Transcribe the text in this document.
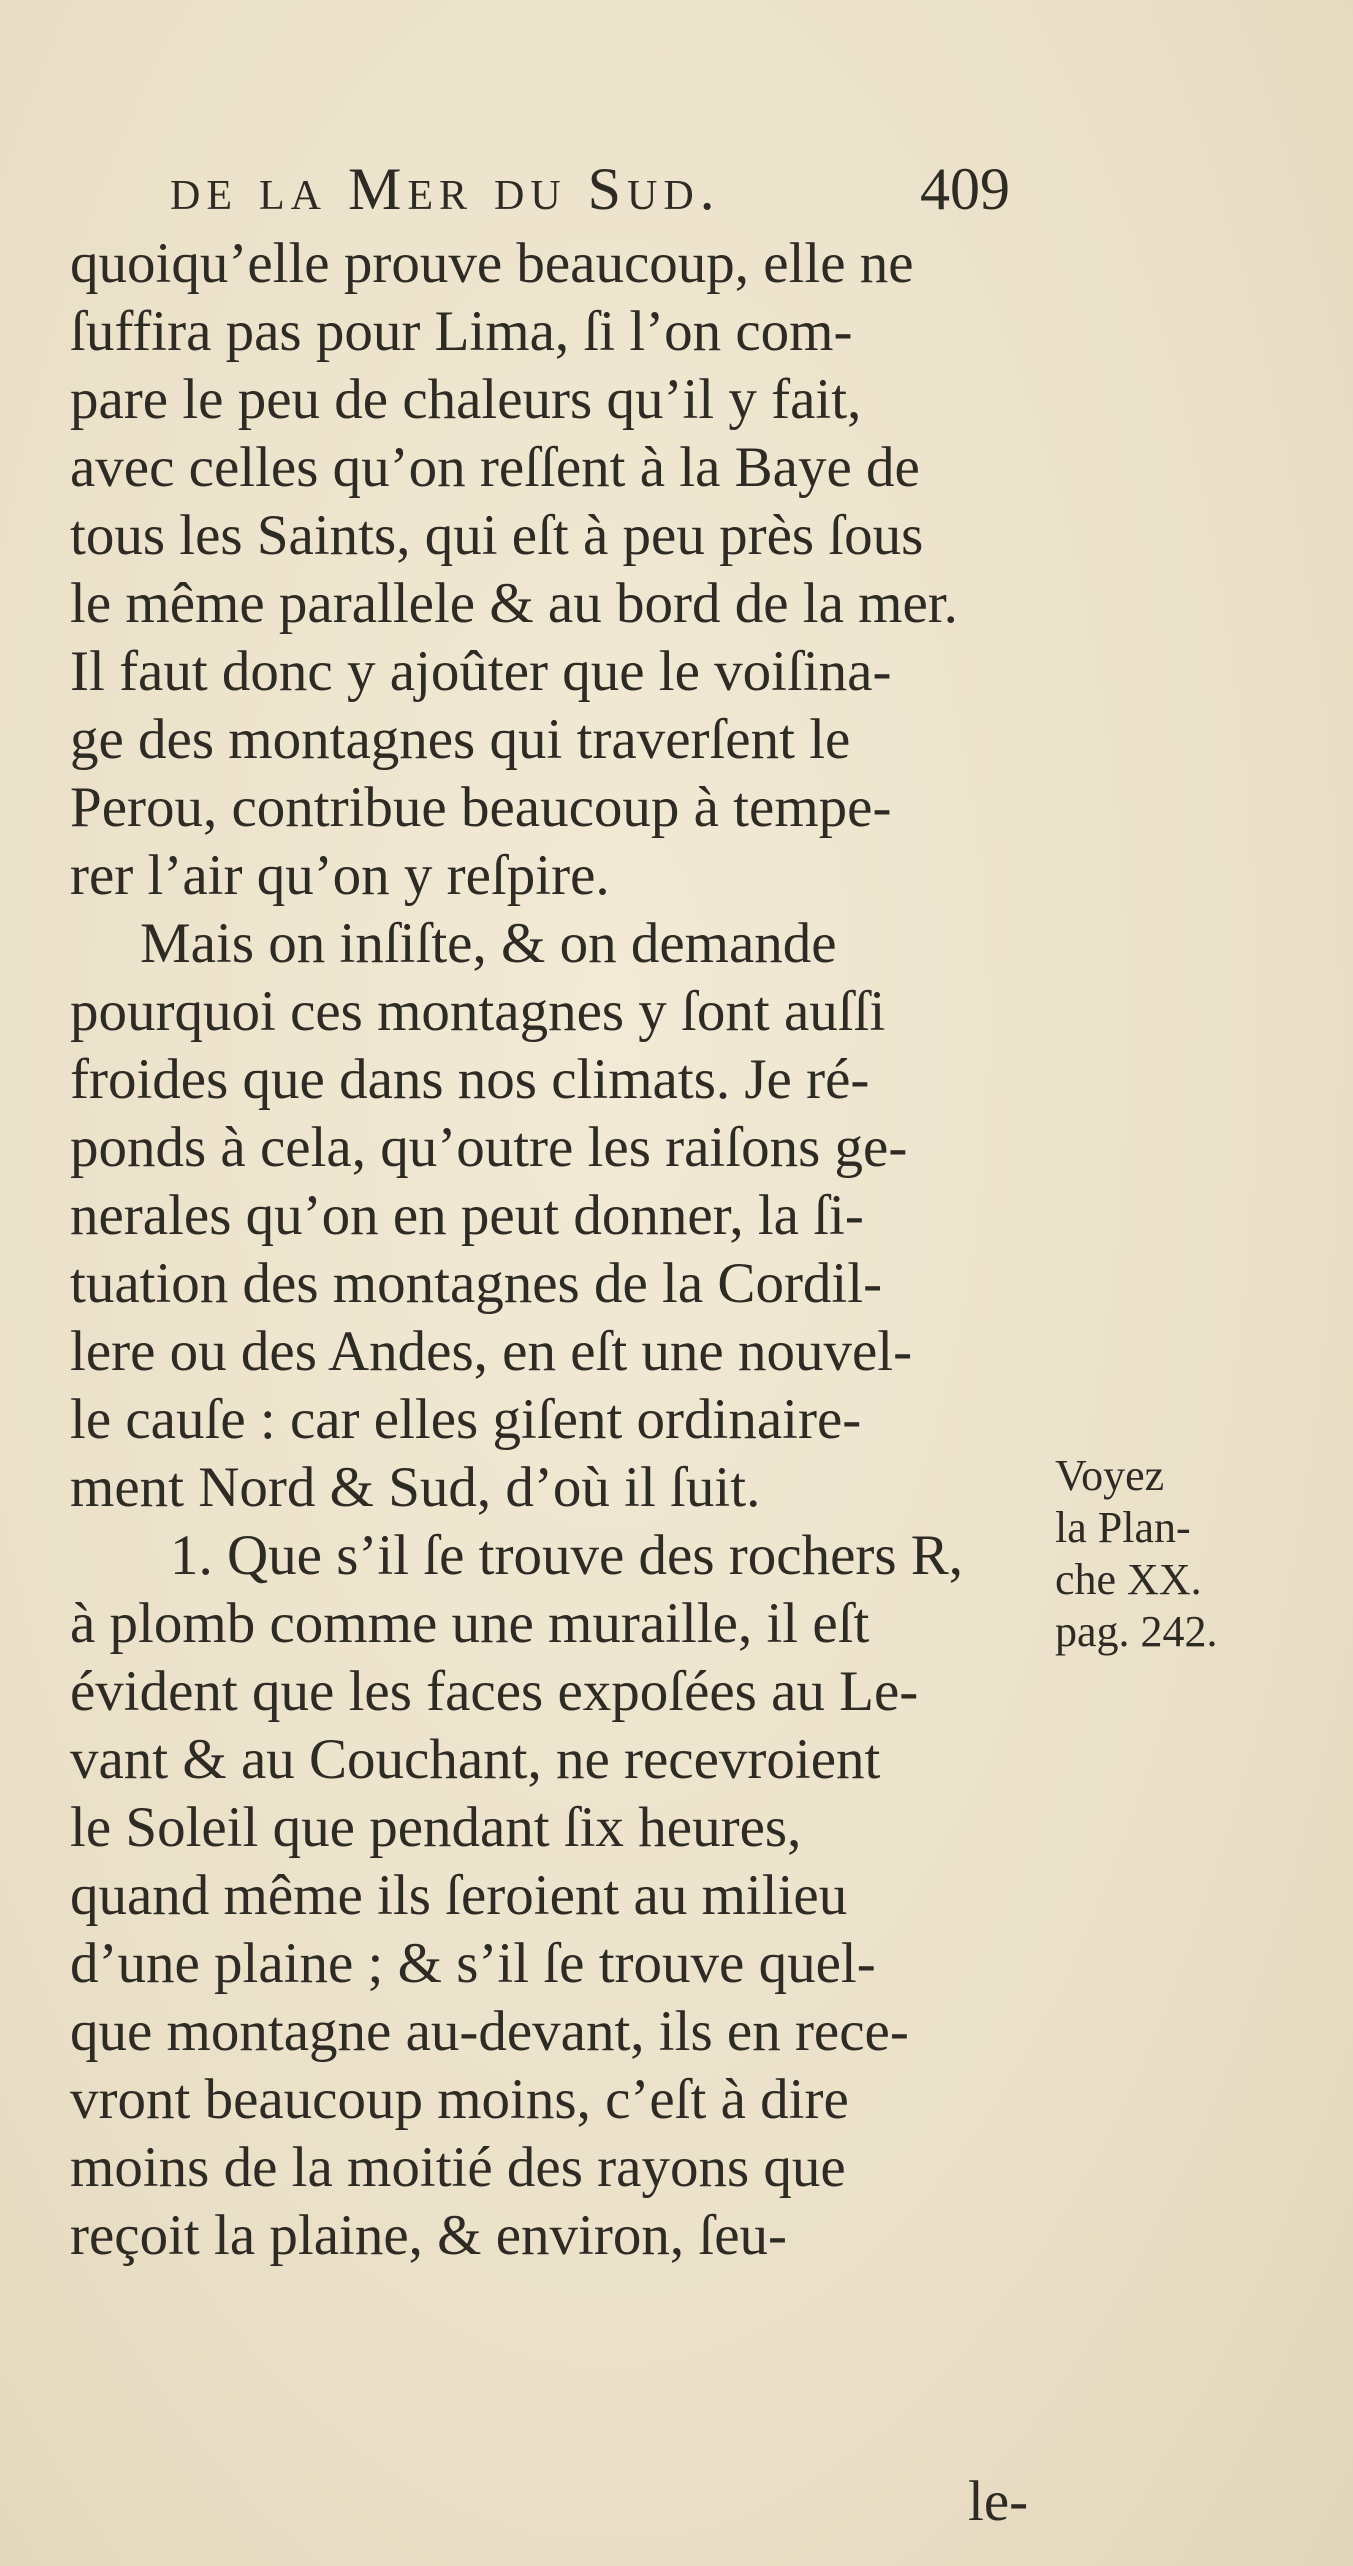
de la Mer du Sud.	409
quoiqu’elle prouve beaucoup, elle ne
ſuffira pas pour Lima, ſi l’on com-
pare le peu de chaleurs qu’il y fait,
avec celles qu’on reſſent à la Baye de
tous les Saints, qui eſt à peu près ſous
le même parallele & au bord de la mer.
Il faut donc y ajoûter que le voiſina-
ge des montagnes qui traverſent le
Perou, contribue beaucoup à tempe-
rer l’air qu’on y reſpire.
Mais on inſiſte, & on demande
pourquoi ces montagnes y ſont auſſi
froides que dans nos climats. Je ré-
ponds à cela, qu’outre les raiſons ge-
nerales qu’on en peut donner, la ſi-
tuation des montagnes de la Cordil-
lere ou des Andes, en eſt une nouvel-
le cauſe : car elles giſent ordinaire-
ment Nord & Sud, d’où il ſuit.
1. Que s’il ſe trouve des rochers R,
à plomb comme une muraille, il eſt
évident que les faces expoſées au Le-
vant & au Couchant, ne recevroient
le Soleil que pendant ſix heures,
quand même ils ſeroient au milieu
d’une plaine ; & s’il ſe trouve quel-
que montagne au-devant, ils en rece-
vront beaucoup moins, c’eſt à dire
moins de la moitié des rayons que
reçoit la plaine, & environ, ſeu-
Voyez
la Plan-
che XX.
pag. 242.
le-
